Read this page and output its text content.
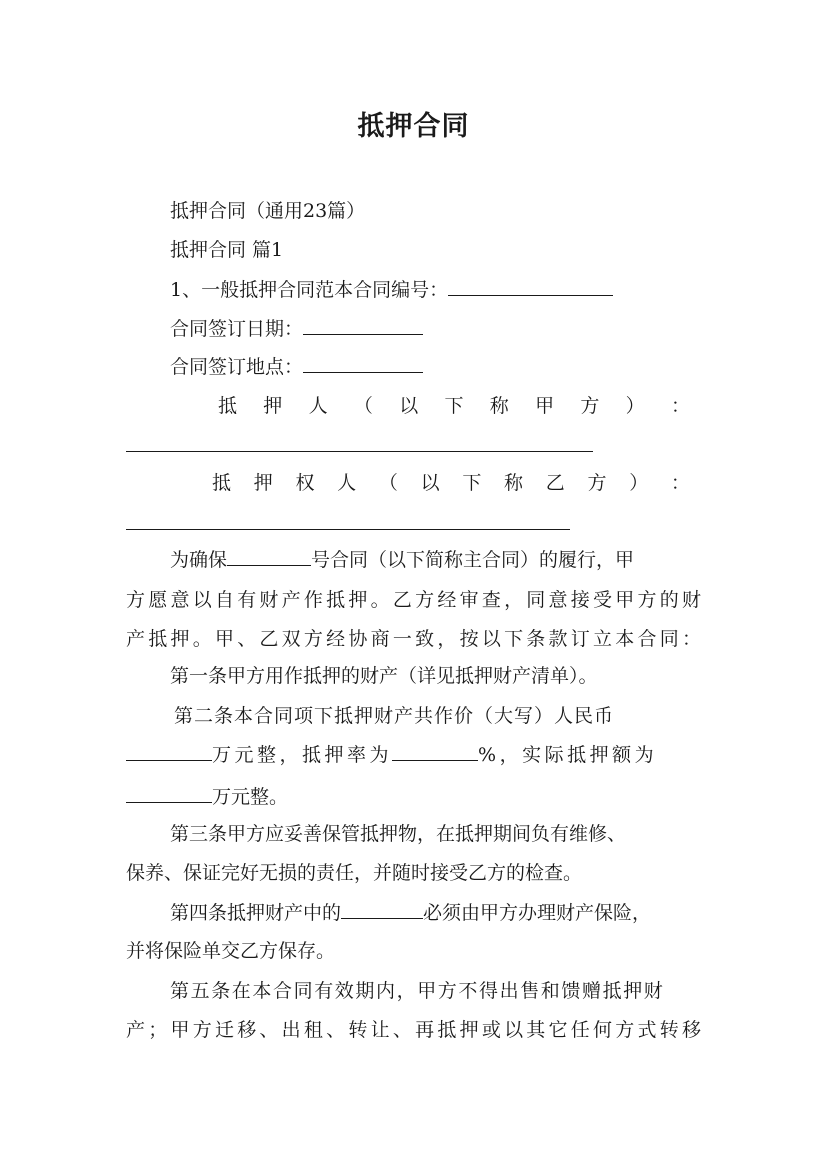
抵押合同
抵押合同（通用23篇）
抵押合同 篇1
1、一般抵押合同范本合同编号：
合同签订日期：
合同签订地点：
抵 押 人 （ 以 下 称 甲 方 ） ：
抵 押 权 人 （ 以 下 称 乙 方 ） ：
为确保	号合同（以下简称主合同）的履行，甲
方愿意以自有财产作抵押。乙方经审查，同意接受甲方的财
产抵押。甲、乙双方经协商一致，按以下条款订立本合同：
第一条甲方用作抵押的财产（详见抵押财产清单）。
第二条本合同项下抵押财产共作价（大写）人民币
万元整，抵押率为	%，实际抵押额为
万元整。
第三条甲方应妥善保管抵押物，在抵押期间负有维修、
保养、保证完好无损的责任，并随时接受乙方的检查。
第四条抵押财产中的	必须由甲方办理财产保险，
并将保险单交乙方保存。
第五条在本合同有效期内，甲方不得出售和馈赠抵押财
产；甲方迁移、出租、转让、再抵押或以其它任何方式转移
